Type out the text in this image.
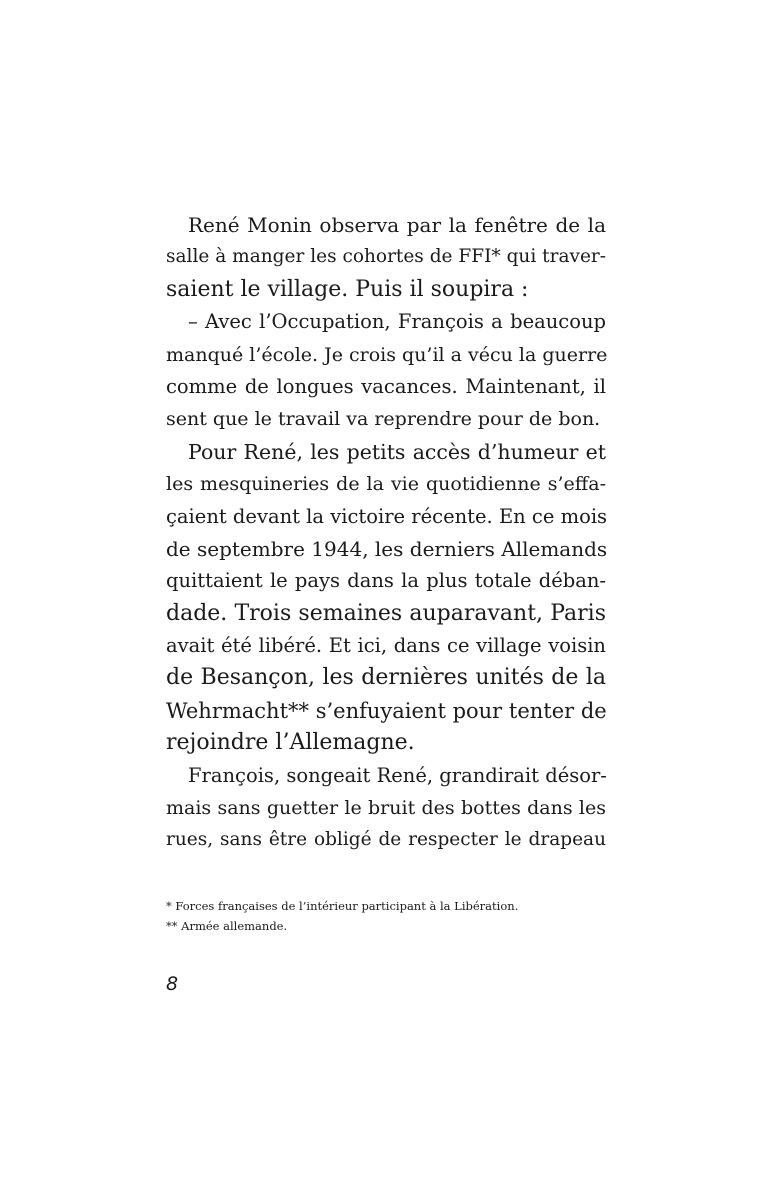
René Monin observa par la fenêtre de la
salle à manger les cohortes de FFI* qui traver-
saient le village. Puis il soupira :
– Avec l’Occupation, François a beaucoup
manqué l’école. Je crois qu’il a vécu la guerre
comme de longues vacances. Maintenant, il
sent que le travail va reprendre pour de bon.
Pour René, les petits accès d’humeur et
les mesquineries de la vie quotidienne s’effa-
çaient devant la victoire récente. En ce mois
de septembre 1944, les derniers Allemands
quittaient le pays dans la plus totale déban-
dade. Trois semaines auparavant, Paris
avait été libéré. Et ici, dans ce village voisin
de Besançon, les dernières unités de la
Wehrmacht** s’enfuyaient pour tenter de
rejoindre l’Allemagne.
François, songeait René, grandirait désor-
mais sans guetter le bruit des bottes dans les
rues, sans être obligé de respecter le drapeau
* Forces françaises de l’intérieur participant à la Libération.
** Armée allemande.
8
